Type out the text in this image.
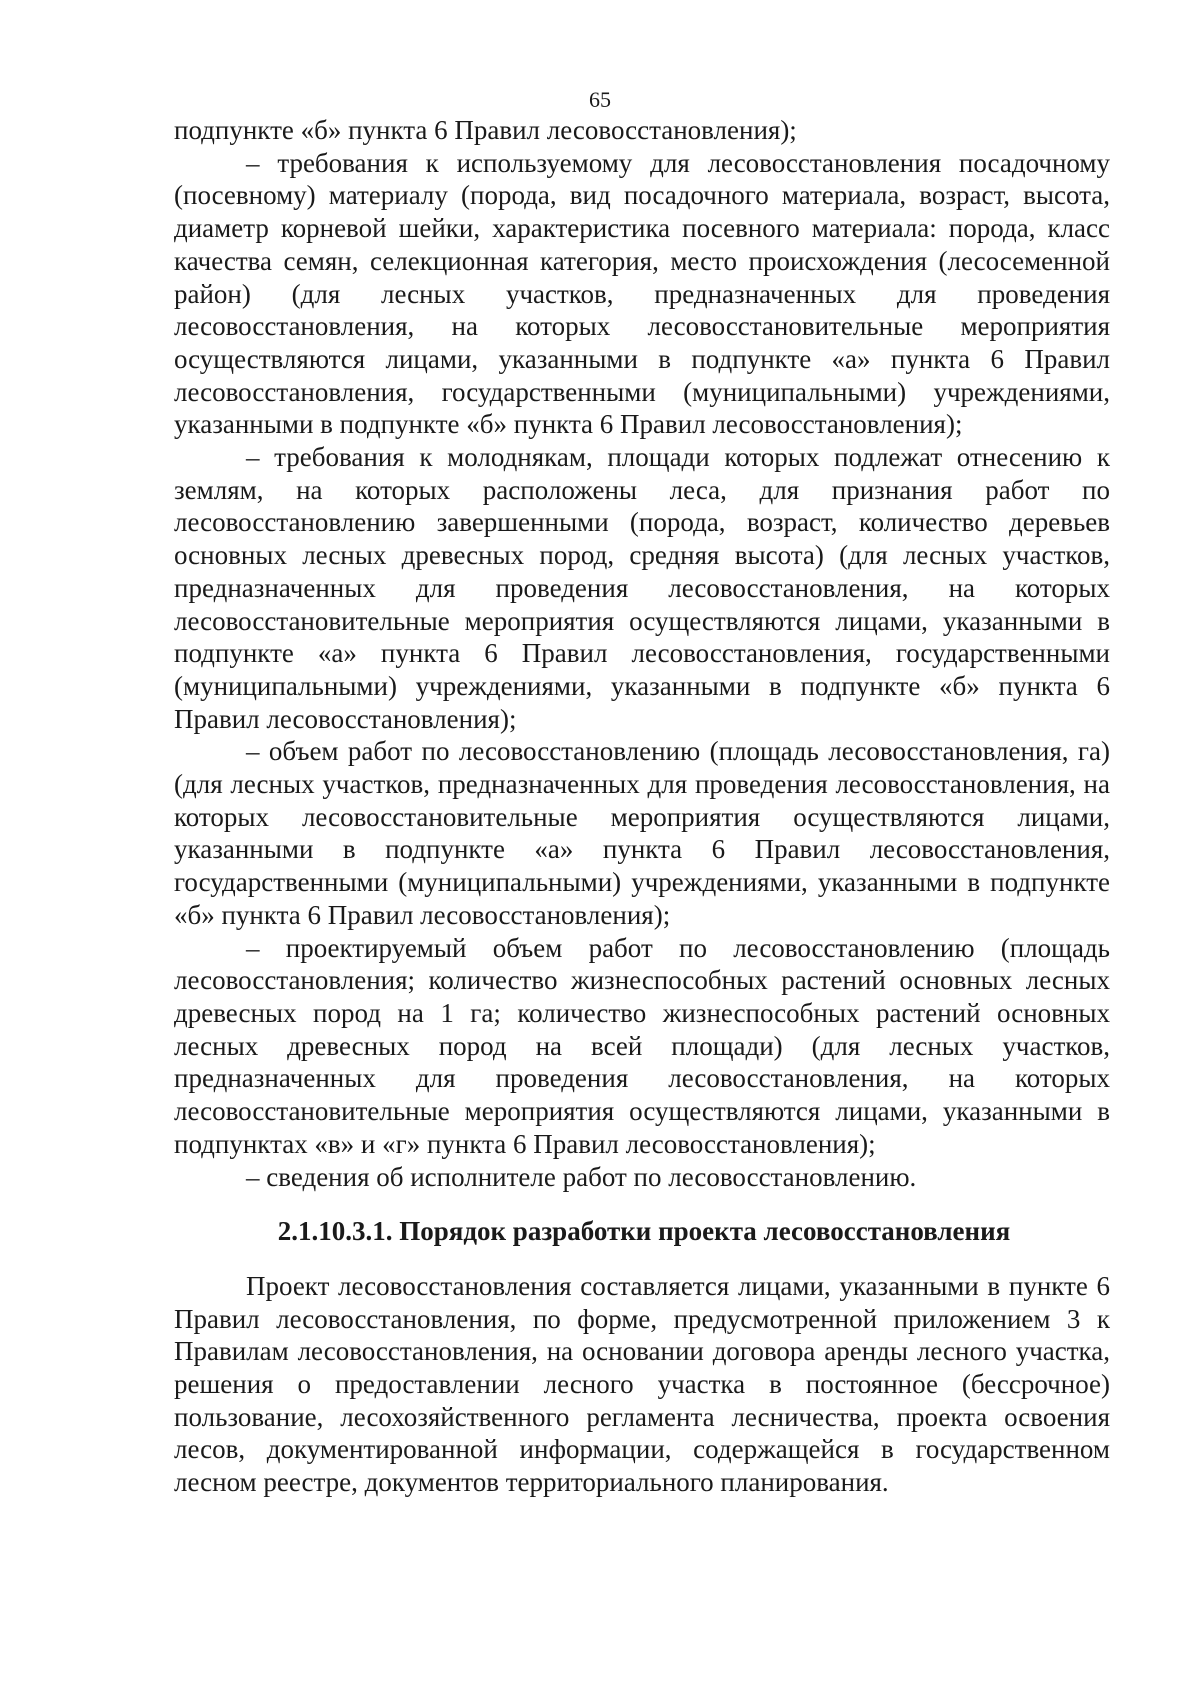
65

подпункте «б» пункта 6 Правил лесовосстановления);

– требования к используемому для лесовосстановления посадочному (посевному) материалу (порода, вид посадочного материала, возраст, высота, диаметр корневой шейки, характеристика посевного материала: порода, класс качества семян, селекционная категория, место происхождения (лесосеменной район) (для лесных участков, предназначенных для проведения лесовосстановления, на которых лесовосстановительные мероприятия осуществляются лицами, указанными в подпункте «а» пункта 6 Правил лесовосстановления, государственными (муниципальными) учреждениями, указанными в подпункте «б» пункта 6 Правил лесовосстановления);

– требования к молоднякам, площади которых подлежат отнесению к землям, на которых расположены леса, для признания работ по лесовосстановлению завершенными (порода, возраст, количество деревьев основных лесных древесных пород, средняя высота) (для лесных участков, предназначенных для проведения лесовосстановления, на которых лесовосстановительные мероприятия осуществляются лицами, указанными в подпункте «а» пункта 6 Правил лесовосстановления, государственными (муниципальными) учреждениями, указанными в подпункте «б» пункта 6 Правил лесовосстановления);

– объем работ по лесовосстановлению (площадь лесовосстановления, га) (для лесных участков, предназначенных для проведения лесовосстановления, на которых лесовосстановительные мероприятия осуществляются лицами, указанными в подпункте «а» пункта 6 Правил лесовосстановления, государственными (муниципальными) учреждениями, указанными в подпункте «б» пункта 6 Правил лесовосстановления);

– проектируемый объем работ по лесовосстановлению (площадь лесовосстановления; количество жизнеспособных растений основных лесных древесных пород на 1 га; количество жизнеспособных растений основных лесных древесных пород на всей площади) (для лесных участков, предназначенных для проведения лесовосстановления, на которых лесовосстановительные мероприятия осуществляются лицами, указанными в подпунктах «в» и «г» пункта 6 Правил лесовосстановления);

– сведения об исполнителе работ по лесовосстановлению.

2.1.10.3.1. Порядок разработки проекта лесовосстановления

Проект лесовосстановления составляется лицами, указанными в пункте 6 Правил лесовосстановления, по форме, предусмотренной приложением 3 к Правилам лесовосстановления, на основании договора аренды лесного участка, решения о предоставлении лесного участка в постоянное (бессрочное) пользование, лесохозяйственного регламента лесничества, проекта освоения лесов, документированной информации, содержащейся в государственном лесном реестре, документов территориального планирования.
